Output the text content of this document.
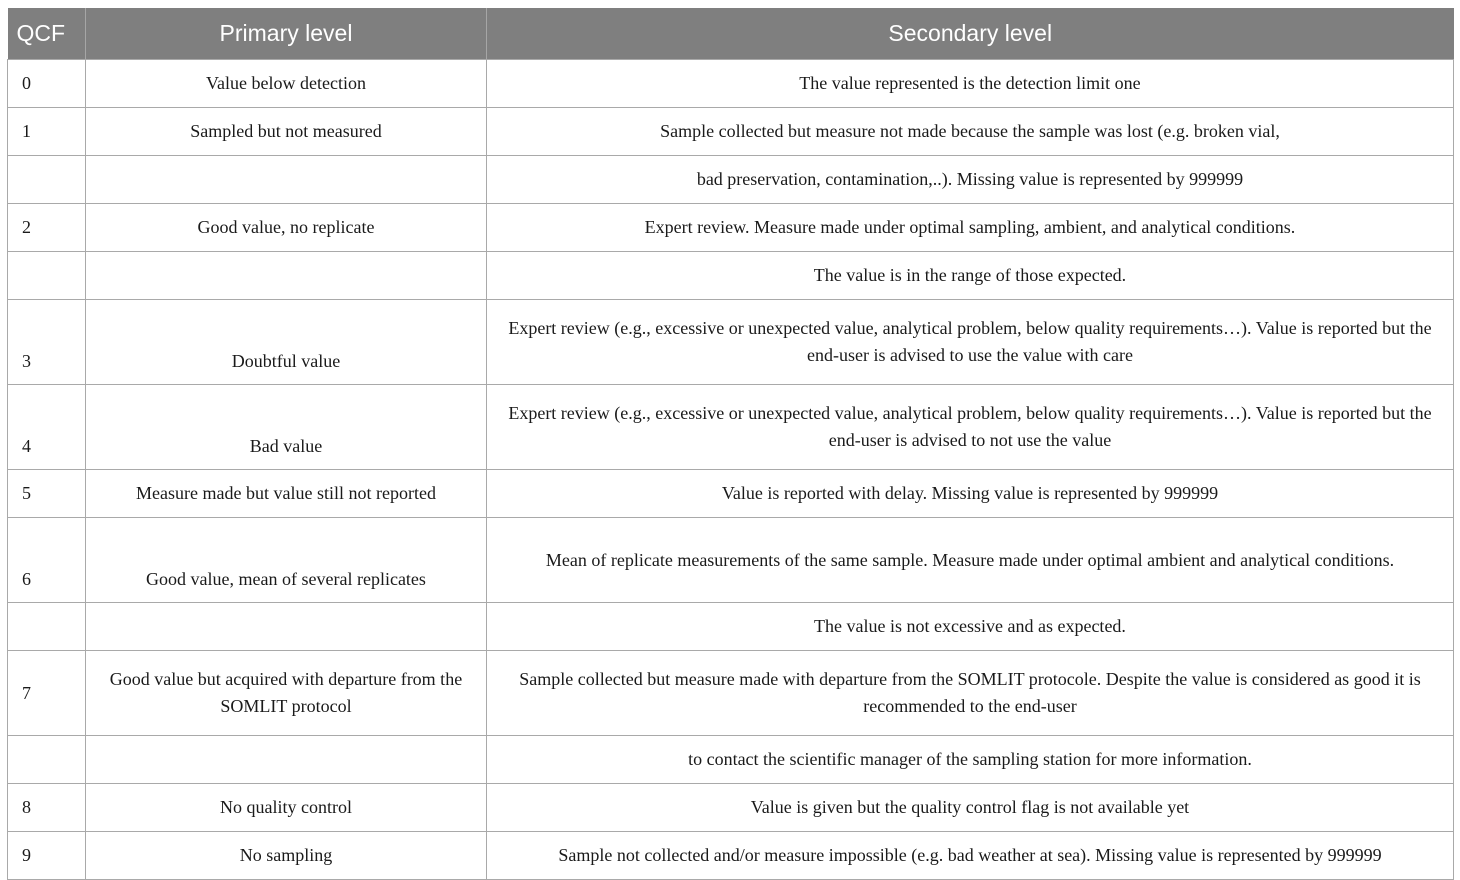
QCF	Primary level	Secondary level
0	Value below detection	The value represented is the detection limit one
1	Sampled but not measured	Sample collected but measure not made because the sample was lost (e.g. broken vial,
		bad preservation, contamination,..). Missing value is represented by 999999
2	Good value, no replicate	Expert review. Measure made under optimal sampling, ambient, and analytical conditions.
		The value is in the range of those expected.
3	Doubtful value	Expert review (e.g., excessive or unexpected value, analytical problem, below quality requirements…). Value is reported but the end-user is advised to use the value with care
4	Bad value	Expert review (e.g., excessive or unexpected value, analytical problem, below quality requirements…). Value is reported but the end-user is advised to not use the value
5	Measure made but value still not reported	Value is reported with delay. Missing value is represented by 999999
6	Good value, mean of several replicates	Mean of replicate measurements of the same sample. Measure made under optimal ambient and analytical conditions.
		The value is not excessive and as expected.
7	Good value but acquired with departure from the SOMLIT protocol	Sample collected but measure made with departure from the SOMLIT protocole. Despite the value is considered as good it is recommended to the end-user
		to contact the scientific manager of the sampling station for more information.
8	No quality control	Value is given but the quality control flag is not available yet
9	No sampling	Sample not collected and/or measure impossible (e.g. bad weather at sea). Missing value is represented by 999999
